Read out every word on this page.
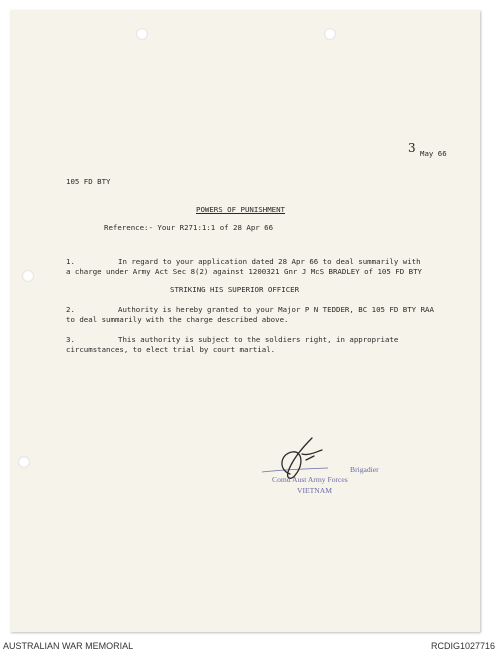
3 May 66
105 FD BTY
POWERS OF PUNISHMENT
Reference:- Your R271:1:1 of 28 Apr 66
1.	In regard to your application dated 28 Apr 66 to deal summarily with
a charge under Army Act Sec 8(2) against 1200321 Gnr J McS BRADLEY of 105 FD BTY
STRIKING HIS SUPERIOR OFFICER
2.	Authority is hereby granted to your Major P N TEDDER, BC 105 FD BTY RAA
to deal summarily with the charge described above.
3.	This authority is subject to the soldiers right, in appropriate
circumstances, to elect trial by court martial.
Brigadier
Comd Aust Army Forces
VIETNAM
AUSTRALIAN WAR MEMORIAL	RCDIG1027716
